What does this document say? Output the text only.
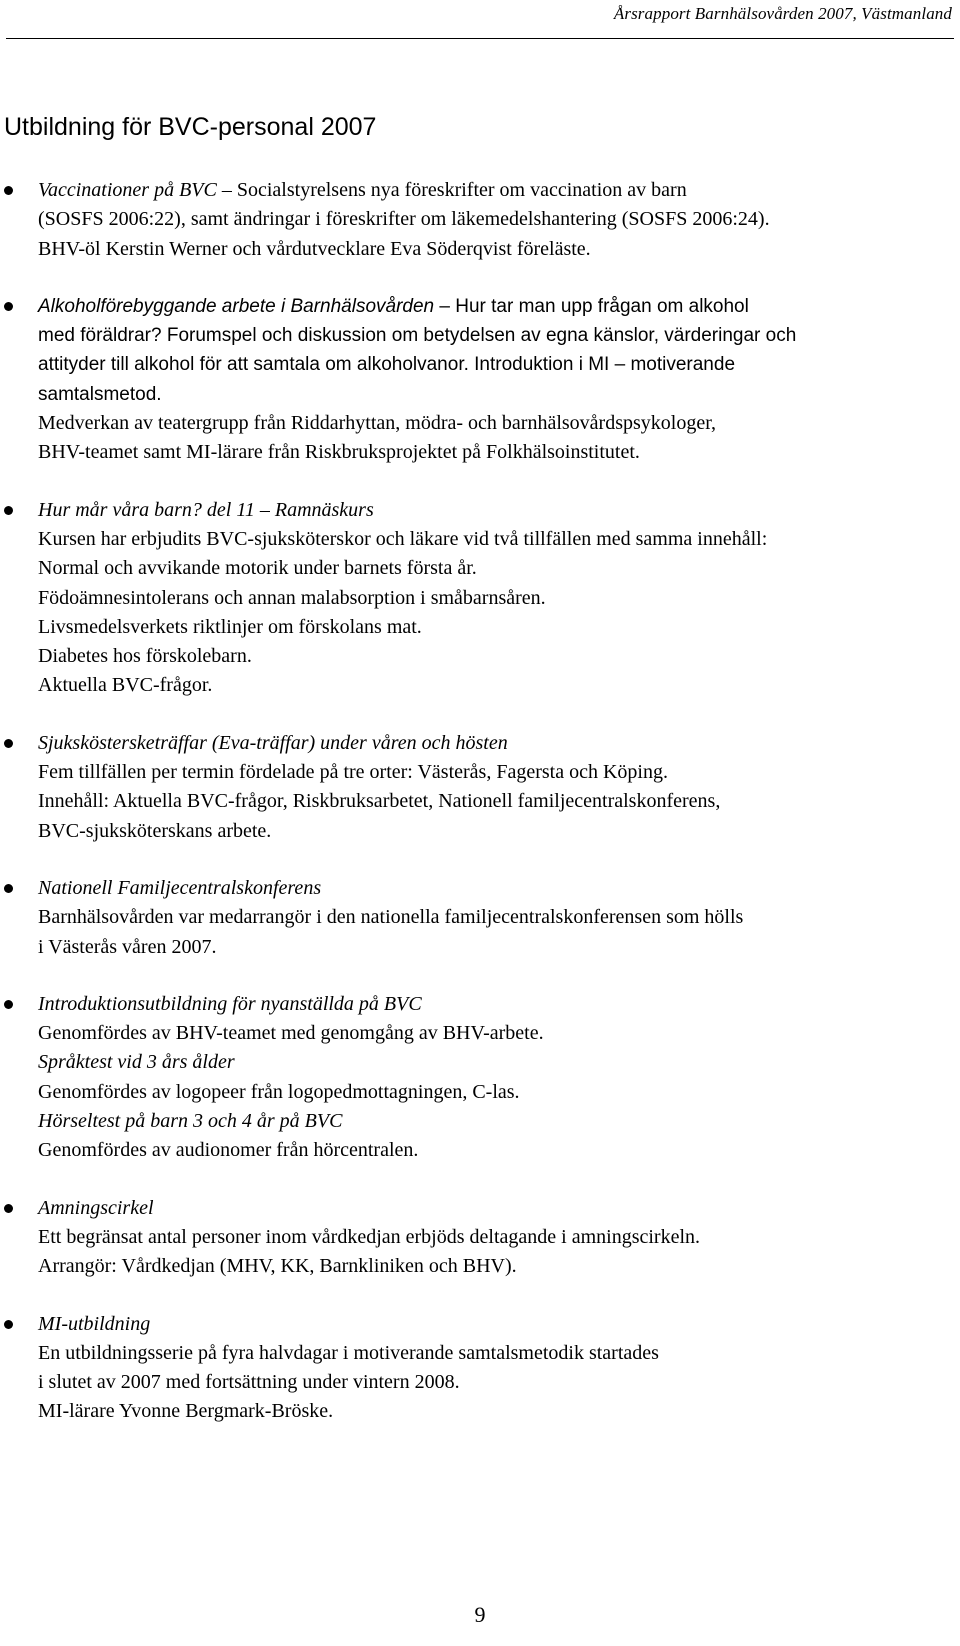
Årsrapport Barnhälsovården 2007, Västmanland
Utbildning för BVC-personal 2007
Vaccinationer på BVC – Socialstyrelsens nya föreskrifter om vaccination av barn
(SOSFS 2006:22), samt ändringar i föreskrifter om läkemedelshantering (SOSFS 2006:24).
BHV-öl Kerstin Werner och vårdutvecklare Eva Söderqvist föreläste.
Alkoholförebyggande arbete i Barnhälsovården – Hur tar man upp frågan om alkohol
med föräldrar? Forumspel och diskussion om betydelsen av egna känslor, värderingar och
attityder till alkohol för att samtala om alkoholvanor. Introduktion i MI – motiverande
samtalsmetod.
Medverkan av teatergrupp från Riddarhyttan, mödra- och barnhälsovårdspsykologer,
BHV-teamet samt MI-lärare från Riskbruksprojektet på Folkhälsoinstitutet.
Hur mår våra barn? del 11 – Ramnäskurs
Kursen har erbjudits BVC-sjuksköterskor och läkare vid två tillfällen med samma innehåll:
Normal och avvikande motorik under barnets första år.
Födoämnesintolerans och annan malabsorption i småbarnsåren.
Livsmedelsverkets riktlinjer om förskolans mat.
Diabetes hos förskolebarn.
Aktuella BVC-frågor.
Sjuksköstersketräffar (Eva-träffar) under våren och hösten
Fem tillfällen per termin fördelade på tre orter: Västerås, Fagersta och Köping.
Innehåll: Aktuella BVC-frågor, Riskbruksarbetet, Nationell familjecentralskonferens,
BVC-sjuksköterskans arbete.
Nationell Familjecentralskonferens
Barnhälsovården var medarrangör i den nationella familjecentralskonferensen som hölls
i Västerås våren 2007.
Introduktionsutbildning för nyanställda på BVC
Genomfördes av BHV-teamet med genomgång av BHV-arbete.
Språktest vid 3 års ålder
Genomfördes av logopeer från logopedmottagningen, C-las.
Hörseltest på barn 3 och 4 år på BVC
Genomfördes av audionomer från hörcentralen.
Amningscirkel
Ett begränsat antal personer inom vårdkedjan erbjöds deltagande i amningscirkeln.
Arrangör: Vårdkedjan (MHV, KK, Barnkliniken och BHV).
MI-utbildning
En utbildningsserie på fyra halvdagar i motiverande samtalsmetodik startades
i slutet av 2007 med fortsättning under vintern 2008.
MI-lärare Yvonne Bergmark-Bröske.
9
